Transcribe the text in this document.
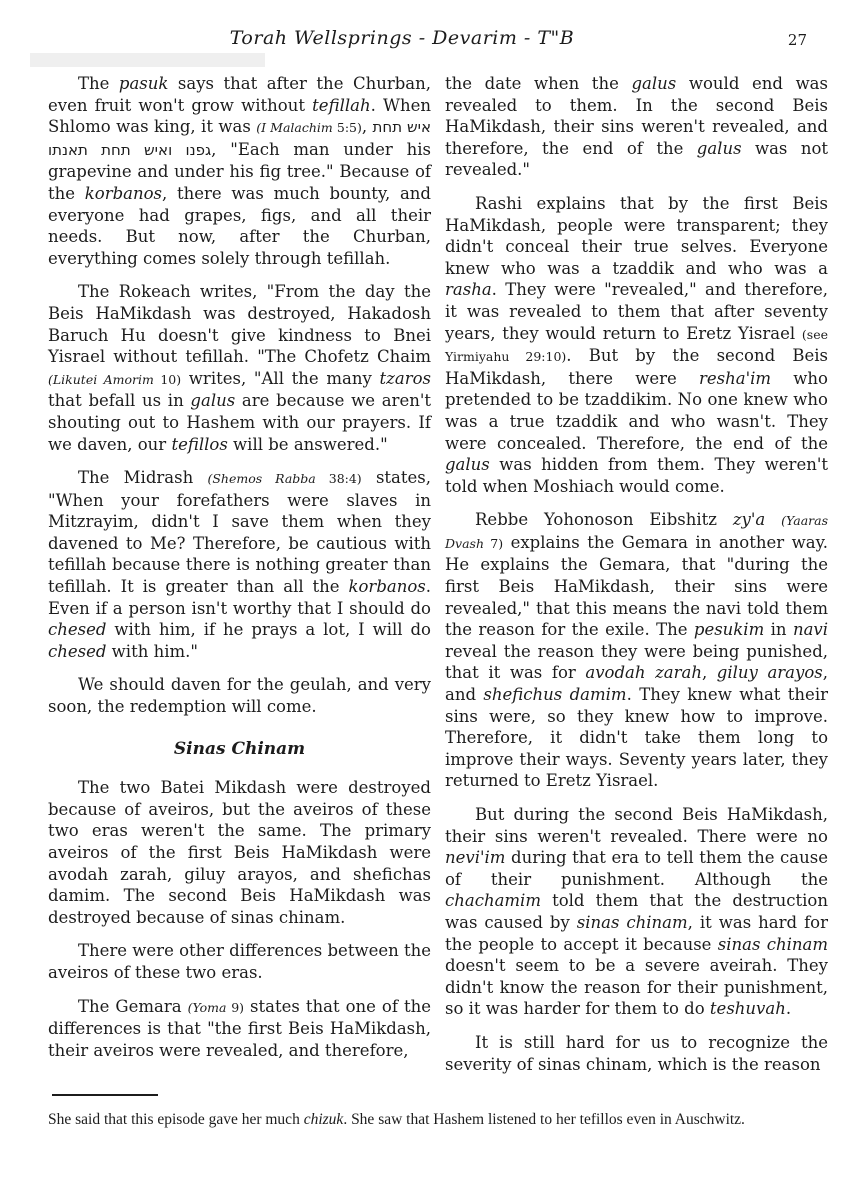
Torah Wellsprings - Devarim - T"B	27

The pasuk says that after the Churban, even fruit won't grow without tefillah. When Shlomo was king, it was (I Malachim 5:5), איש תחת גפנו ואיש תחת תאנתו, "Each man under his grapevine and under his fig tree." Because of the korbanos, there was much bounty, and everyone had grapes, figs, and all their needs. But now, after the Churban, everything comes solely through tefillah.

The Rokeach writes, "From the day the Beis HaMikdash was destroyed, Hakadosh Baruch Hu doesn't give kindness to Bnei Yisrael without tefillah. "The Chofetz Chaim (Likutei Amorim 10) writes, "All the many tzaros that befall us in galus are because we aren't shouting out to Hashem with our prayers. If we daven, our tefillos will be answered."

The Midrash (Shemos Rabba 38:4) states, "When your forefathers were slaves in Mitzrayim, didn't I save them when they davened to Me? Therefore, be cautious with tefillah because there is nothing greater than tefillah. It is greater than all the korbanos. Even if a person isn't worthy that I should do chesed with him, if he prays a lot, I will do chesed with him."

We should daven for the geulah, and very soon, the redemption will come.

Sinas Chinam

The two Batei Mikdash were destroyed because of aveiros, but the aveiros of these two eras weren't the same. The primary aveiros of the first Beis HaMikdash were avodah zarah, giluy arayos, and shefichas damim. The second Beis HaMikdash was destroyed because of sinas chinam.

There were other differences between the aveiros of these two eras.

The Gemara (Yoma 9) states that one of the differences is that "the first Beis HaMikdash, their aveiros were revealed, and therefore,

the date when the galus would end was revealed to them. In the second Beis HaMikdash, their sins weren't revealed, and therefore, the end of the galus was not revealed."

Rashi explains that by the first Beis HaMikdash, people were transparent; they didn't conceal their true selves. Everyone knew who was a tzaddik and who was a rasha. They were "revealed," and therefore, it was revealed to them that after seventy years, they would return to Eretz Yisrael (see Yirmiyahu 29:10). But by the second Beis HaMikdash, there were resha'im who pretended to be tzaddikim. No one knew who was a true tzaddik and who wasn't. They were concealed. Therefore, the end of the galus was hidden from them. They weren't told when Moshiach would come.

Rebbe Yohonoson Eibshitz zy'a (Yaaras Dvash 7) explains the Gemara in another way. He explains the Gemara, that "during the first Beis HaMikdash, their sins were revealed," that this means the navi told them the reason for the exile. The pesukim in navi reveal the reason they were being punished, that it was for avodah zarah, giluy arayos, and shefichus damim. They knew what their sins were, so they knew how to improve. Therefore, it didn't take them long to improve their ways. Seventy years later, they returned to Eretz Yisrael.

But during the second Beis HaMikdash, their sins weren't revealed. There were no nevi'im during that era to tell them the cause of their punishment. Although the chachamim told them that the destruction was caused by sinas chinam, it was hard for the people to accept it because sinas chinam doesn't seem to be a severe aveirah. They didn't know the reason for their punishment, so it was harder for them to do teshuvah.

It is still hard for us to recognize the severity of sinas chinam, which is the reason

She said that this episode gave her much chizuk. She saw that Hashem listened to her tefillos even in Auschwitz.
